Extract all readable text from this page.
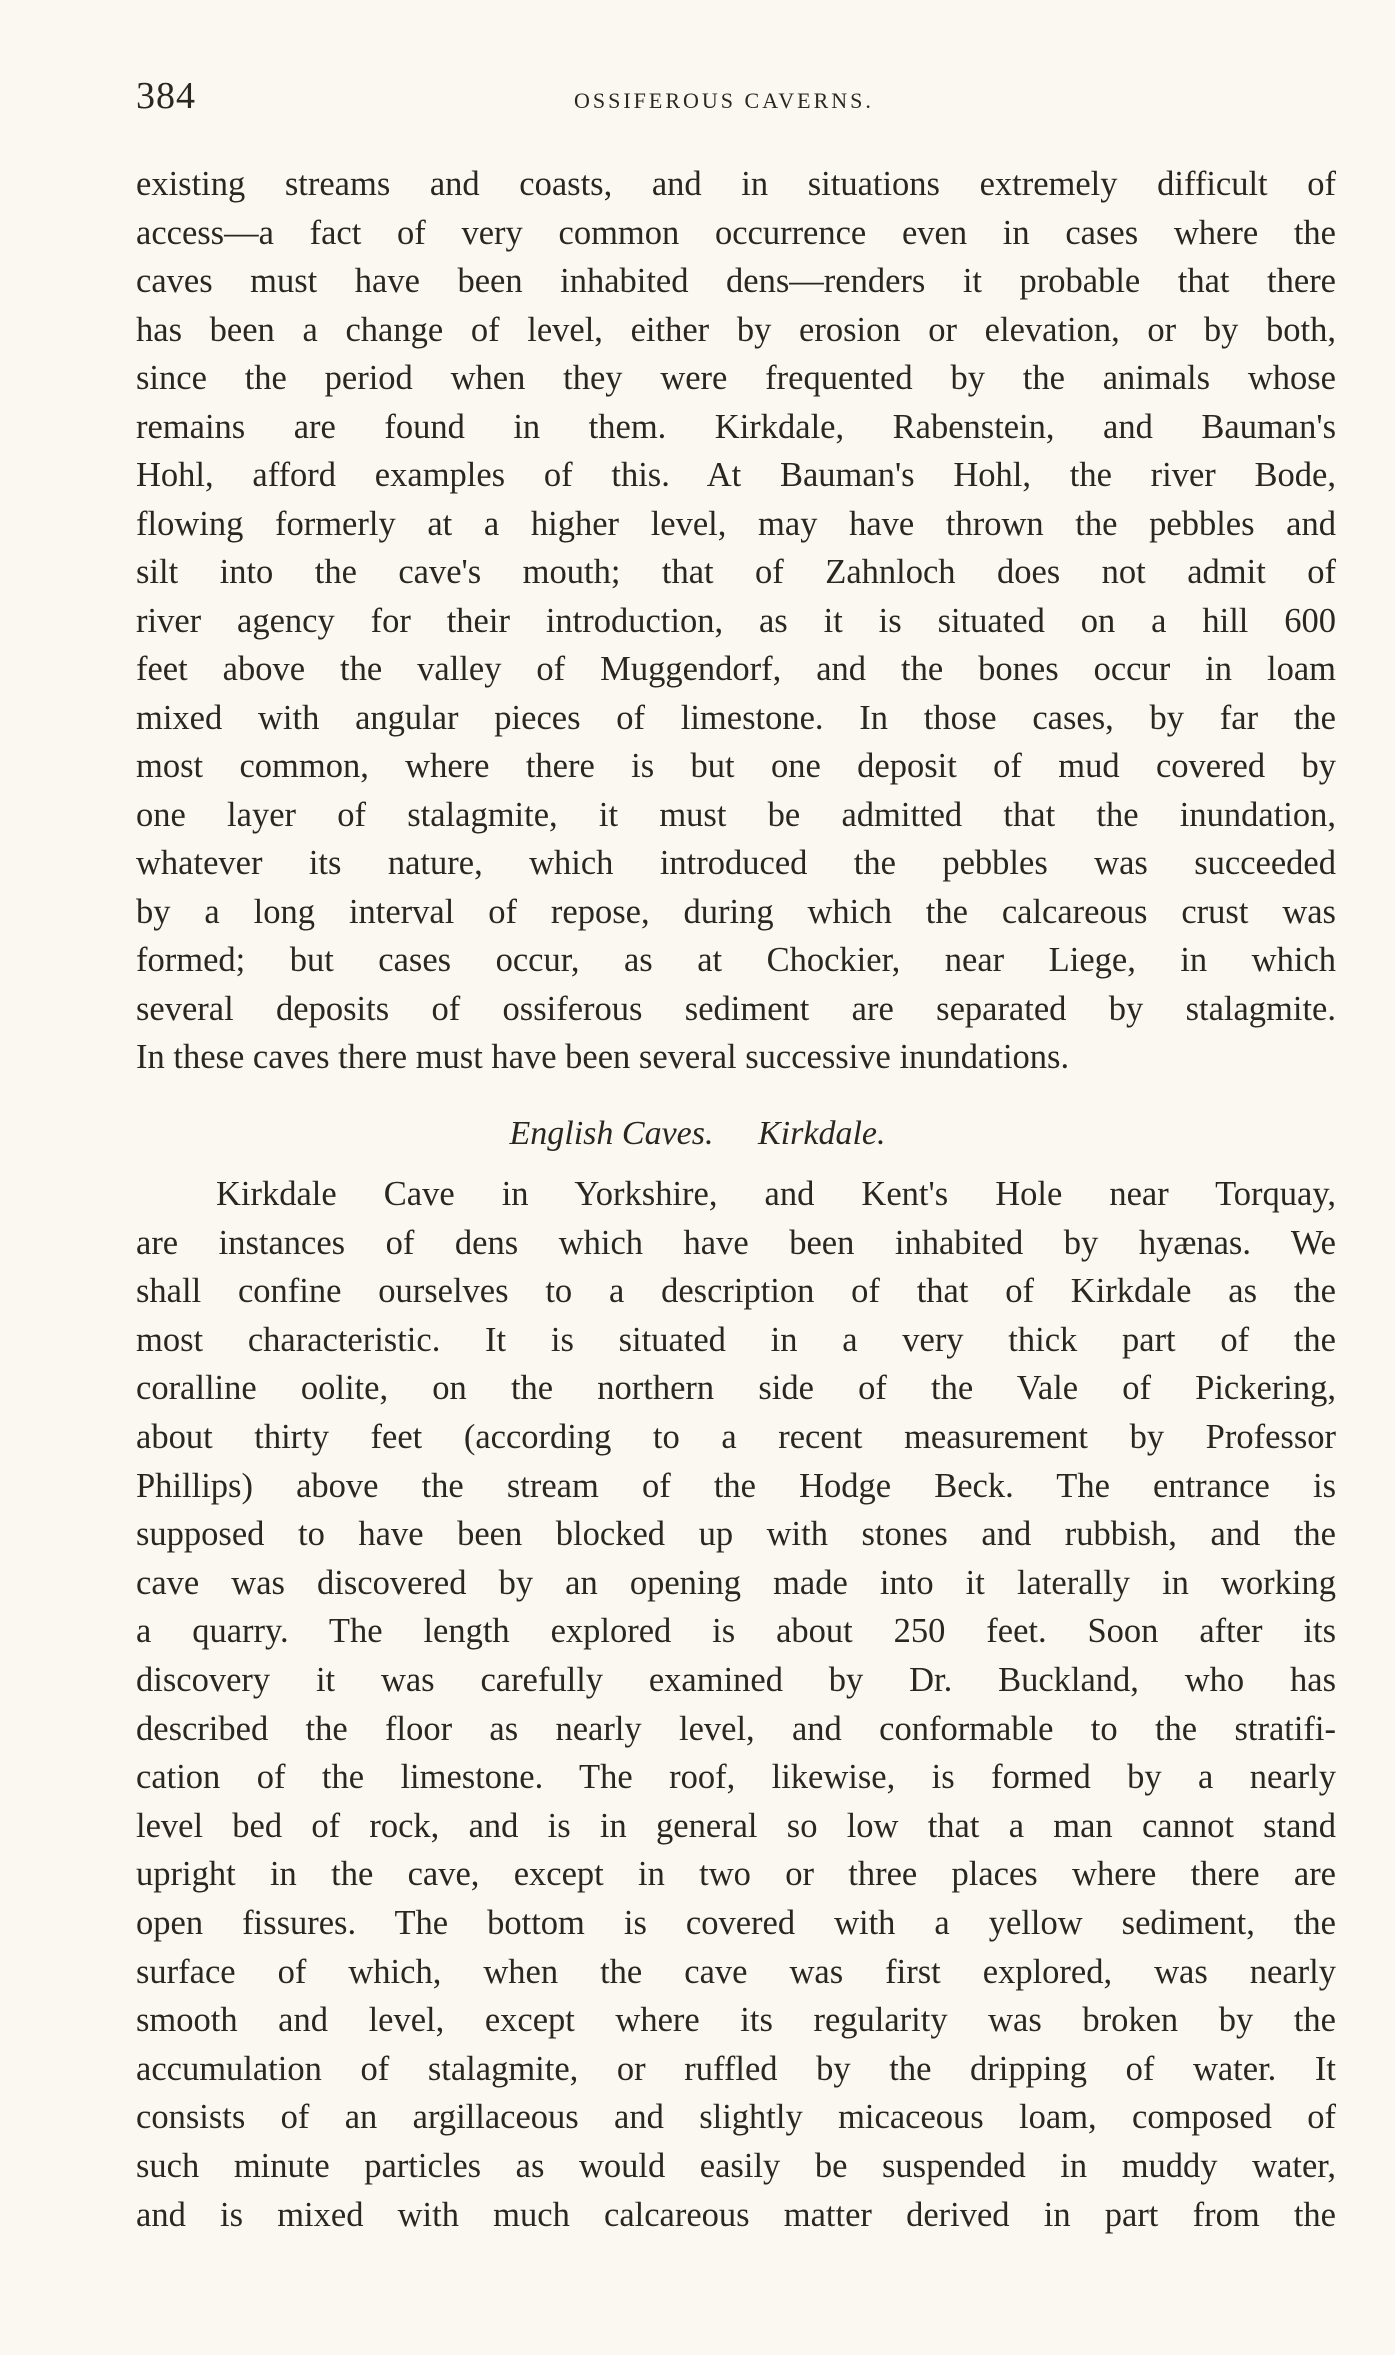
384	OSSIFEROUS CAVERNS.
existing streams and coasts, and in situations extremely difficult of
access—a fact of very common occurrence even in cases where the
caves must have been inhabited dens—renders it probable that there
has been a change of level, either by erosion or elevation, or by both,
since the period when they were frequented by the animals whose
remains are found in them. Kirkdale, Rabenstein, and Bauman's
Hohl, afford examples of this. At Bauman's Hohl, the river Bode,
flowing formerly at a higher level, may have thrown the pebbles and
silt into the cave's mouth; that of Zahnloch does not admit of
river agency for their introduction, as it is situated on a hill 600
feet above the valley of Muggendorf, and the bones occur in loam
mixed with angular pieces of limestone. In those cases, by far the
most common, where there is but one deposit of mud covered by
one layer of stalagmite, it must be admitted that the inundation,
whatever its nature, which introduced the pebbles was succeeded
by a long interval of repose, during which the calcareous crust was
formed; but cases occur, as at Chockier, near Liege, in which
several deposits of ossiferous sediment are separated by stalagmite.
In these caves there must have been several successive inundations.
English Caves. Kirkdale.
Kirkdale Cave in Yorkshire, and Kent's Hole near Torquay,
are instances of dens which have been inhabited by hyænas. We
shall confine ourselves to a description of that of Kirkdale as the
most characteristic. It is situated in a very thick part of the
coralline oolite, on the northern side of the Vale of Pickering,
about thirty feet (according to a recent measurement by Professor
Phillips) above the stream of the Hodge Beck. The entrance is
supposed to have been blocked up with stones and rubbish, and the
cave was discovered by an opening made into it laterally in working
a quarry. The length explored is about 250 feet. Soon after its
discovery it was carefully examined by Dr. Buckland, who has
described the floor as nearly level, and conformable to the stratifi-
cation of the limestone. The roof, likewise, is formed by a nearly
level bed of rock, and is in general so low that a man cannot stand
upright in the cave, except in two or three places where there are
open fissures. The bottom is covered with a yellow sediment, the
surface of which, when the cave was first explored, was nearly
smooth and level, except where its regularity was broken by the
accumulation of stalagmite, or ruffled by the dripping of water. It
consists of an argillaceous and slightly micaceous loam, composed of
such minute particles as would easily be suspended in muddy water,
and is mixed with much calcareous matter derived in part from the
